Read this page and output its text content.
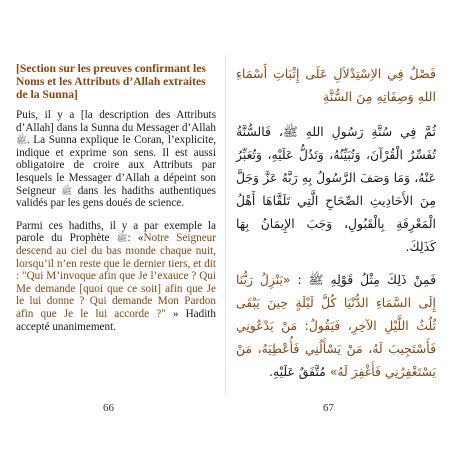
[Section sur les preuves confirmant les Noms et les Attributs d’Allah extraites de la Sunna]

Puis, il y a [la description des Attributs d’Allah] dans la Sunna du Messager d’Allah ﷺ. La Sunna explique le Coran, l’explicite, indique et exprime son sens. Il est aussi obligatoire de croire aux Attributs par lesquels le Messager d’Allah a dépeint son Seigneur ﷺ dans les hadiths authentiques validés par les gens doués de science.

Parmi ces hadiths, il y a par exemple la parole du Prophète ﷺ: «Notre Seigneur descend au ciel du bas monde chaque nuit, lorsqu’il n’en reste que le dernier tiers, et dit : "Qui M’invoque afin que Je l’exauce ? Qui Me demande [quoi que ce soit] afin que Je le lui donne ? Qui demande Mon Pardon afin que Je le lui accorde ?" » Hadith accepté unanimement.

فَصْلٌ فِي الاِسْتِدْلاَلِ عَلَى إِثْبَاتِ أَسْمَاءِ اللهِ وَصِفَاتِهِ مِنَ السُّنَّةِ

ثُمَّ فِي سُنَّةِ رَسُولِ اللهِ ﷺ، فَالسُّنَّةُ تُفَسِّرُ الْقُرْآنَ، وَتُبَيِّنُهُ، وَتَدُلُّ عَلَيْهِ، وَتُعَبِّرُ عَنْهُ، وَمَا وَصَفَ الرَّسُولُ بِهِ رَبَّهُ عَزَّ وَجَلَّ مِنَ الأَحَادِيثِ الصِّحَاحِ الَّتِي تَلَقَّاهَا أَهْلُ الْمَعْرِفَةِ بِالْقَبُولِ، وَجَبَ الإِيمَانُ بِهَا كَذَلِكَ.

فَمِنْ ذَلِكَ مِثْلُ قَوْلِهِ ﷺ : «يَنْزِلُ رَبُّنَا إِلَى السَّمَاءِ الدُّنْيَا كُلَّ لَيْلَةٍ حِينَ يَبْقَى ثُلُثُ اللَّيْلِ الآخِرِ، فَيَقُولُ: مَنْ يَدْعُونِي فَأَسْتَجِيبَ لَهُ، مَنْ يَسْأَلُنِي فَأُعْطِيَهُ، مَنْ يَسْتَغْفِرُنِي فَأَغْفِرَ لَهُ» مُتَّفَقٌ عَلَيْهِ.

66	67
